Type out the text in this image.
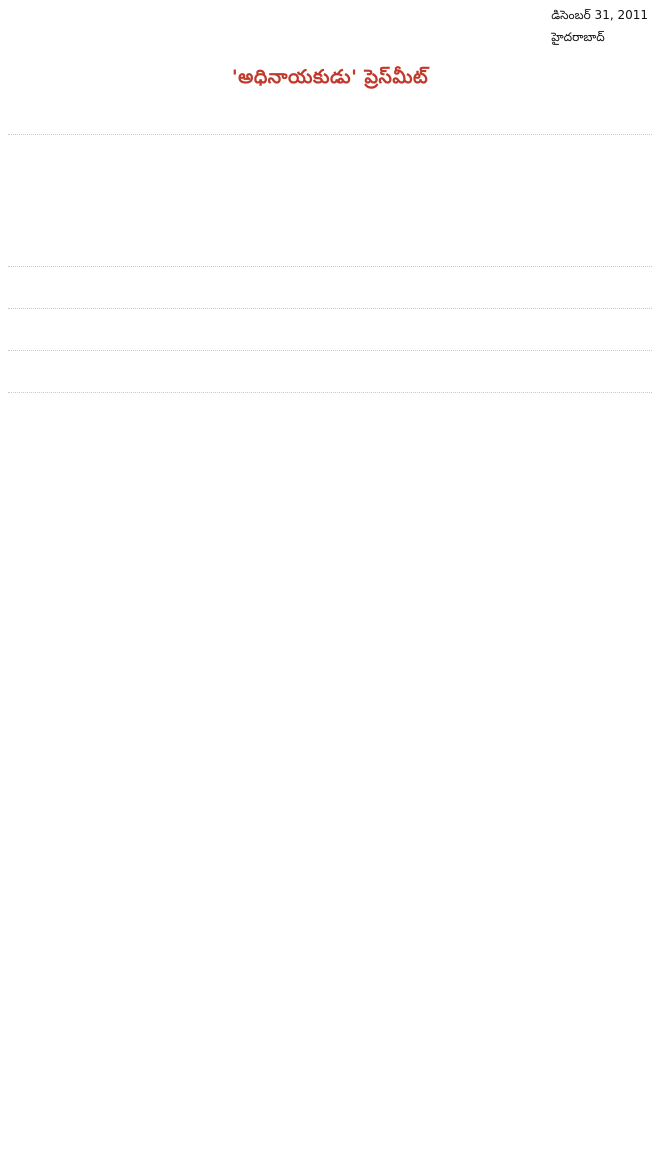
డిసెంబర్ 31, 2011
హైదరాబాద్
'అధినాయకుడు' ప్రెస్‌మీట్
